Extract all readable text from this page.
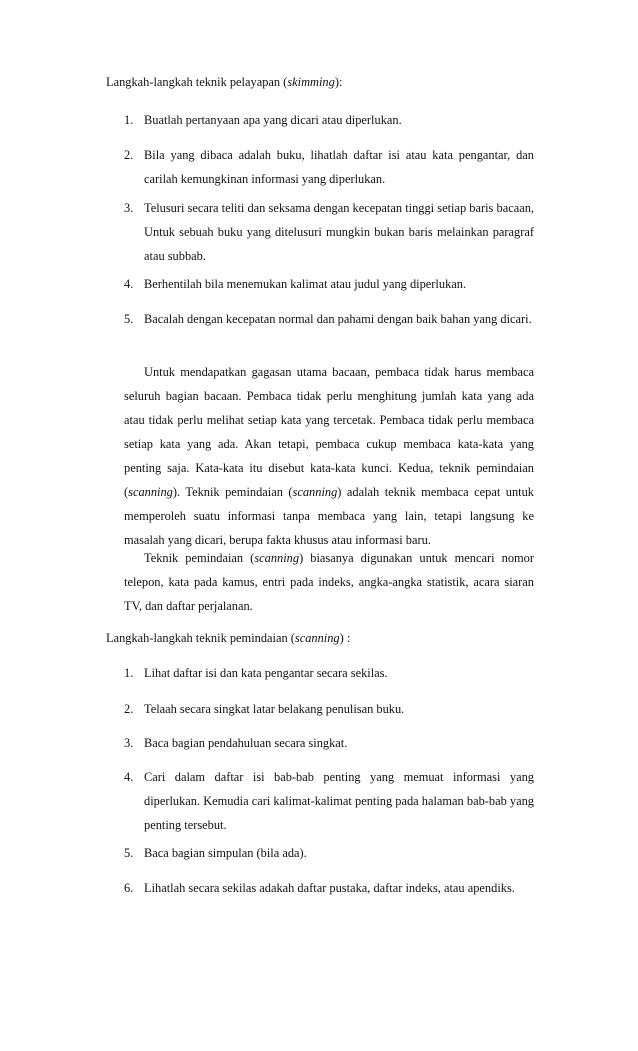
Langkah-langkah teknik pelayapan (skimming):
1. Buatlah pertanyaan apa yang dicari atau diperlukan.
2. Bila yang dibaca adalah buku, lihatlah daftar isi atau kata pengantar, dan carilah kemungkinan informasi yang diperlukan.
3. Telusuri secara teliti dan seksama dengan kecepatan tinggi setiap baris bacaan, Untuk sebuah buku yang ditelusuri mungkin bukan baris melainkan paragraf atau subbab.
4. Berhentilah bila menemukan kalimat atau judul yang diperlukan.
5. Bacalah dengan kecepatan normal dan pahami dengan baik bahan yang dicari.

Untuk mendapatkan gagasan utama bacaan, pembaca tidak harus membaca seluruh bagian bacaan. Pembaca tidak perlu menghitung jumlah kata yang ada atau tidak perlu melihat setiap kata yang tercetak. Pembaca tidak perlu membaca setiap kata yang ada. Akan tetapi, pembaca cukup membaca kata-kata yang penting saja. Kata-kata itu disebut kata-kata kunci. Kedua, teknik pemindaian (scanning). Teknik pemindaian (scanning) adalah teknik membaca cepat untuk memperoleh suatu informasi tanpa membaca yang lain, tetapi langsung ke masalah yang dicari, berupa fakta khusus atau informasi baru.

Teknik pemindaian (scanning) biasanya digunakan untuk mencari nomor telepon, kata pada kamus, entri pada indeks, angka-angka statistik, acara siaran TV, dan daftar perjalanan.

Langkah-langkah teknik pemindaian (scanning) :
1. Lihat daftar isi dan kata pengantar secara sekilas.
2. Telaah secara singkat latar belakang penulisan buku.
3. Baca bagian pendahuluan secara singkat.
4. Cari dalam daftar isi bab-bab penting yang memuat informasi yang diperlukan. Kemudia cari kalimat-kalimat penting pada halaman bab-bab yang penting tersebut.
5. Baca bagian simpulan (bila ada).
6. Lihatlah secara sekilas adakah daftar pustaka, daftar indeks, atau apendiks.
